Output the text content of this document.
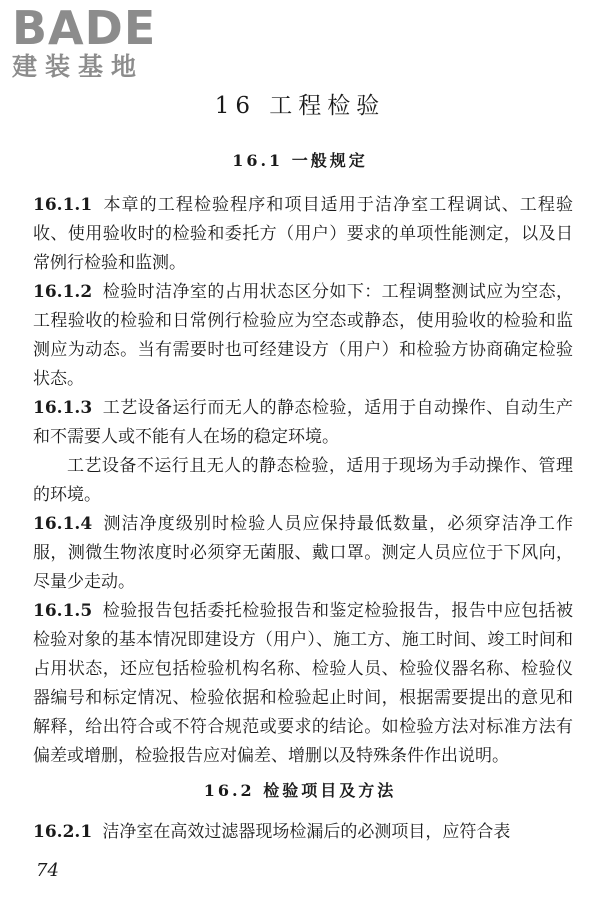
BADE
建装基地
16 工程检验
16.1 一般规定

16.1.1 本章的工程检验程序和项目适用于洁净室工程调试、工程验收、使用验收时的检验和委托方（用户）要求的单项性能测定，以及日常例行检验和监测。

16.1.2 检验时洁净室的占用状态区分如下：工程调整测试应为空态，工程验收的检验和日常例行检验应为空态或静态，使用验收的检验和监测应为动态。当有需要时也可经建设方（用户）和检验方协商确定检验状态。

16.1.3 工艺设备运行而无人的静态检验，适用于自动操作、自动生产和不需要人或不能有人在场的稳定环境。

工艺设备不运行且无人的静态检验，适用于现场为手动操作、管理的环境。

16.1.4 测洁净度级别时检验人员应保持最低数量，必须穿洁净工作服，测微生物浓度时必须穿无菌服、戴口罩。测定人员应位于下风向，尽量少走动。

16.1.5 检验报告包括委托检验报告和鉴定检验报告，报告中应包括被检验对象的基本情况即建设方（用户）、施工方、施工时间、竣工时间和占用状态，还应包括检验机构名称、检验人员、检验仪器名称、检验仪器编号和标定情况、检验依据和检验起止时间，根据需要提出的意见和解释，给出符合或不符合规范或要求的结论。如检验方法对标准方法有偏差或增删，检验报告应对偏差、增删以及特殊条件作出说明。

16.2 检验项目及方法

16.2.1 洁净室在高效过滤器现场检漏后的必测项目，应符合表

74
